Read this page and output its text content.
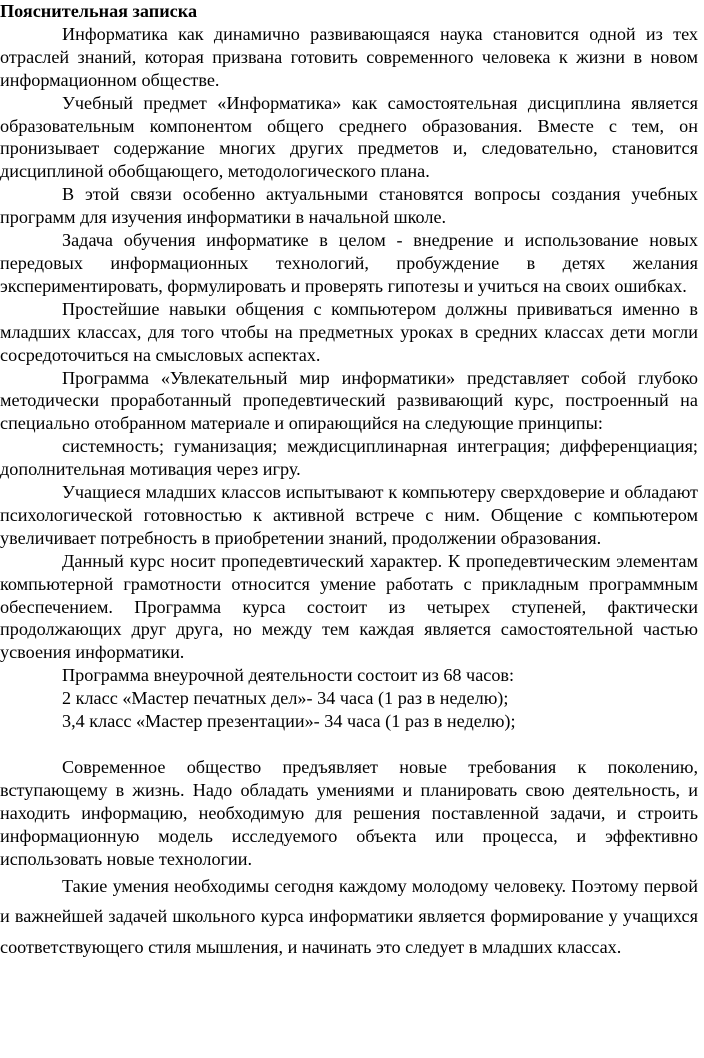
Пояснительная записка

Информатика как динамично развивающаяся наука становится одной из тех отраслей знаний, которая призвана готовить современного человека к жизни в новом информационном обществе.

Учебный предмет «Информатика» как самостоятельная дисциплина является образовательным компонентом общего среднего образования. Вместе с тем, он пронизывает содержание многих других предметов и, следовательно, становится дисциплиной обобщающего, методологического плана.

В этой связи особенно актуальными становятся вопросы создания учебных программ для изучения информатики в начальной школе.

Задача обучения информатике в целом - внедрение и использование новых передовых информационных технологий, пробуждение в детях желания экспериментировать, формулировать и проверять гипотезы и учиться на своих ошибках.

Простейшие навыки общения с компьютером должны прививаться именно в младших классах, для того чтобы на предметных уроках в средних классах дети могли сосредоточиться на смысловых аспектах.

Программа «Увлекательный мир информатики» представляет собой глубоко методически проработанный пропедевтический развивающий курс, построенный на специально отобранном материале и опирающийся на следующие принципы:

системность; гуманизация; междисциплинарная интеграция; дифференциация; дополнительная мотивация через игру.

Учащиеся младших классов испытывают к компьютеру сверхдоверие и обладают психологической готовностью к активной встрече с ним. Общение с компьютером увеличивает потребность в приобретении знаний, продолжении образования.

Данный курс носит пропедевтический характер. К пропедевтическим элементам компьютерной грамотности относится умение работать с прикладным программным обеспечением. Программа курса состоит из четырех ступеней, фактически продолжающих друг друга, но между тем каждая является самостоятельной частью усвоения информатики.

Программа внеурочной деятельности состоит из 68 часов:

2 класс «Мастер печатных дел»- 34 часа (1 раз в неделю);

3,4 класс «Мастер презентации»- 34 часа (1 раз в неделю);

Современное общество предъявляет новые требования к поколению, вступающему в жизнь. Надо обладать умениями и планировать свою деятельность, и находить информацию, необходимую для решения поставленной задачи, и строить информационную модель исследуемого объекта или процесса, и эффективно использовать новые технологии.

Такие умения необходимы сегодня каждому молодому человеку. Поэтому первой и важнейшей задачей школьного курса информатики является формирование у учащихся соответствующего стиля мышления, и начинать это следует в младших классах.
